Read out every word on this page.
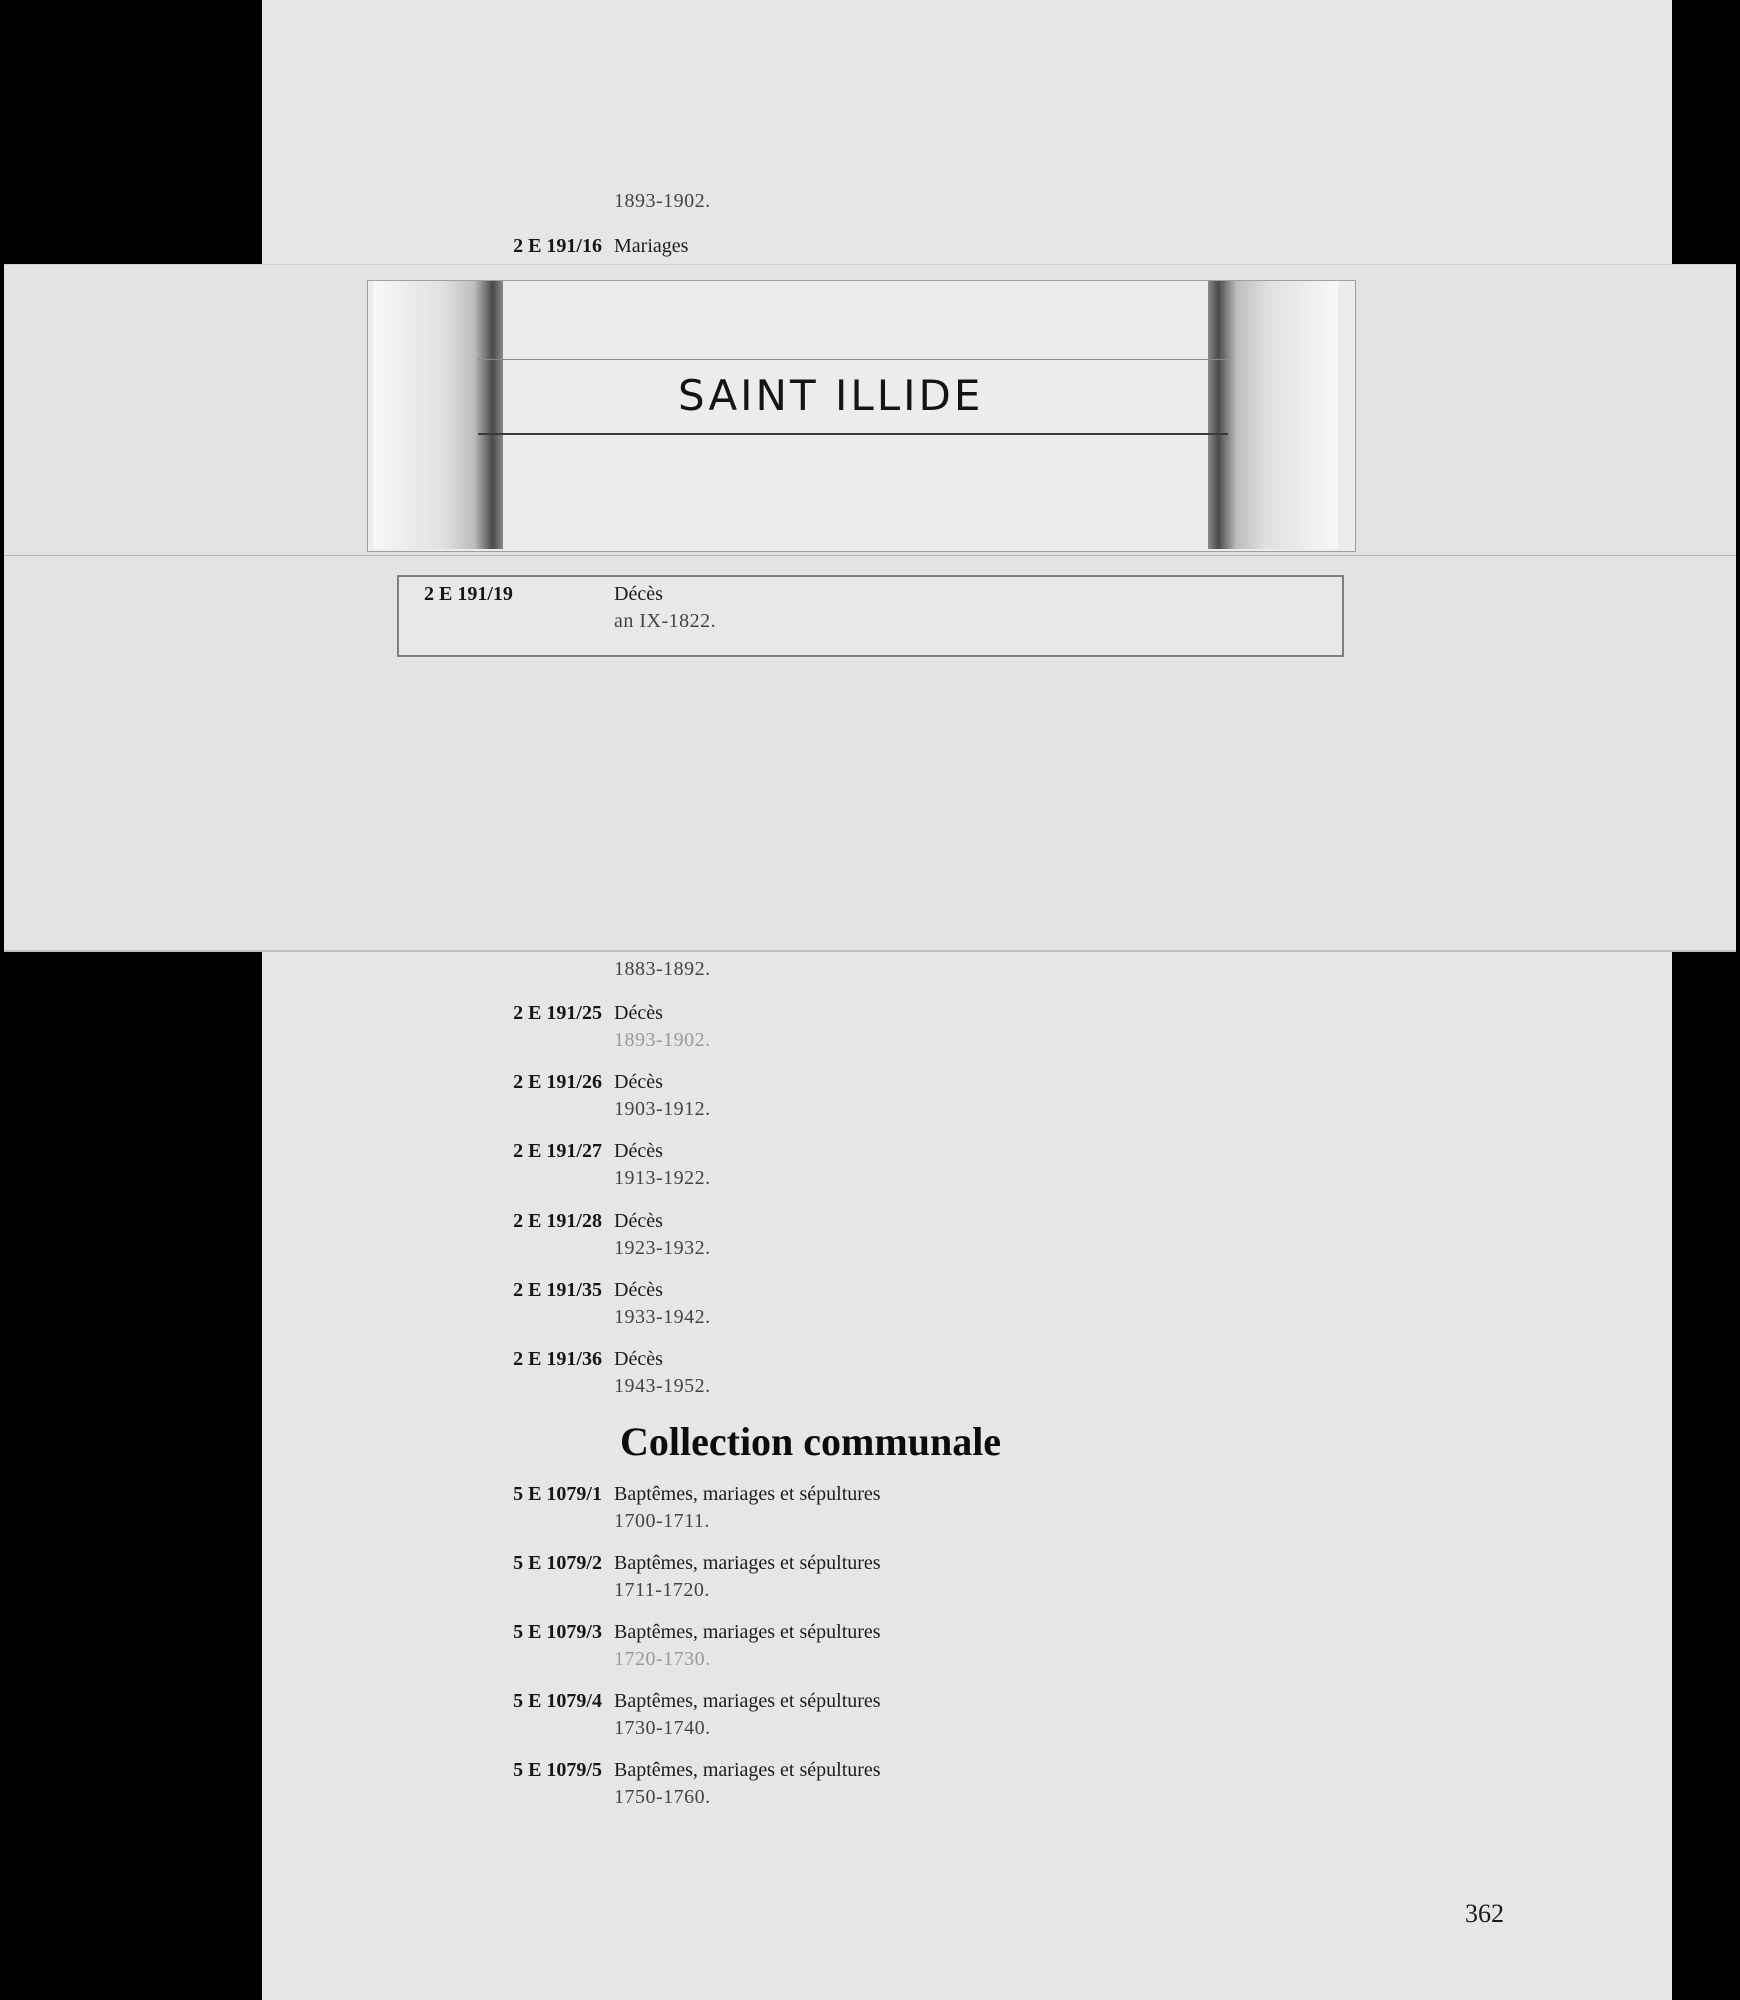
1893-1902.
2 E 191/16 Mariages
1883-1892.
2 E 191/25 Décès
1893-1902.
2 E 191/26 Décès
1903-1912.
2 E 191/27 Décès
1913-1922.
2 E 191/28 Décès
1923-1932.
2 E 191/35 Décès
1933-1942.
2 E 191/36 Décès
1943-1952.
Collection communale
5 E 1079/1 Baptêmes, mariages et sépultures
1700-1711.
5 E 1079/2 Baptêmes, mariages et sépultures
1711-1720.
5 E 1079/3 Baptêmes, mariages et sépultures
1720-1730.
5 E 1079/4 Baptêmes, mariages et sépultures
1730-1740.
5 E 1079/5 Baptêmes, mariages et sépultures
1750-1760.
362
SAINT ILLIDE
2 E 191/19	Décès
an IX-1822.
